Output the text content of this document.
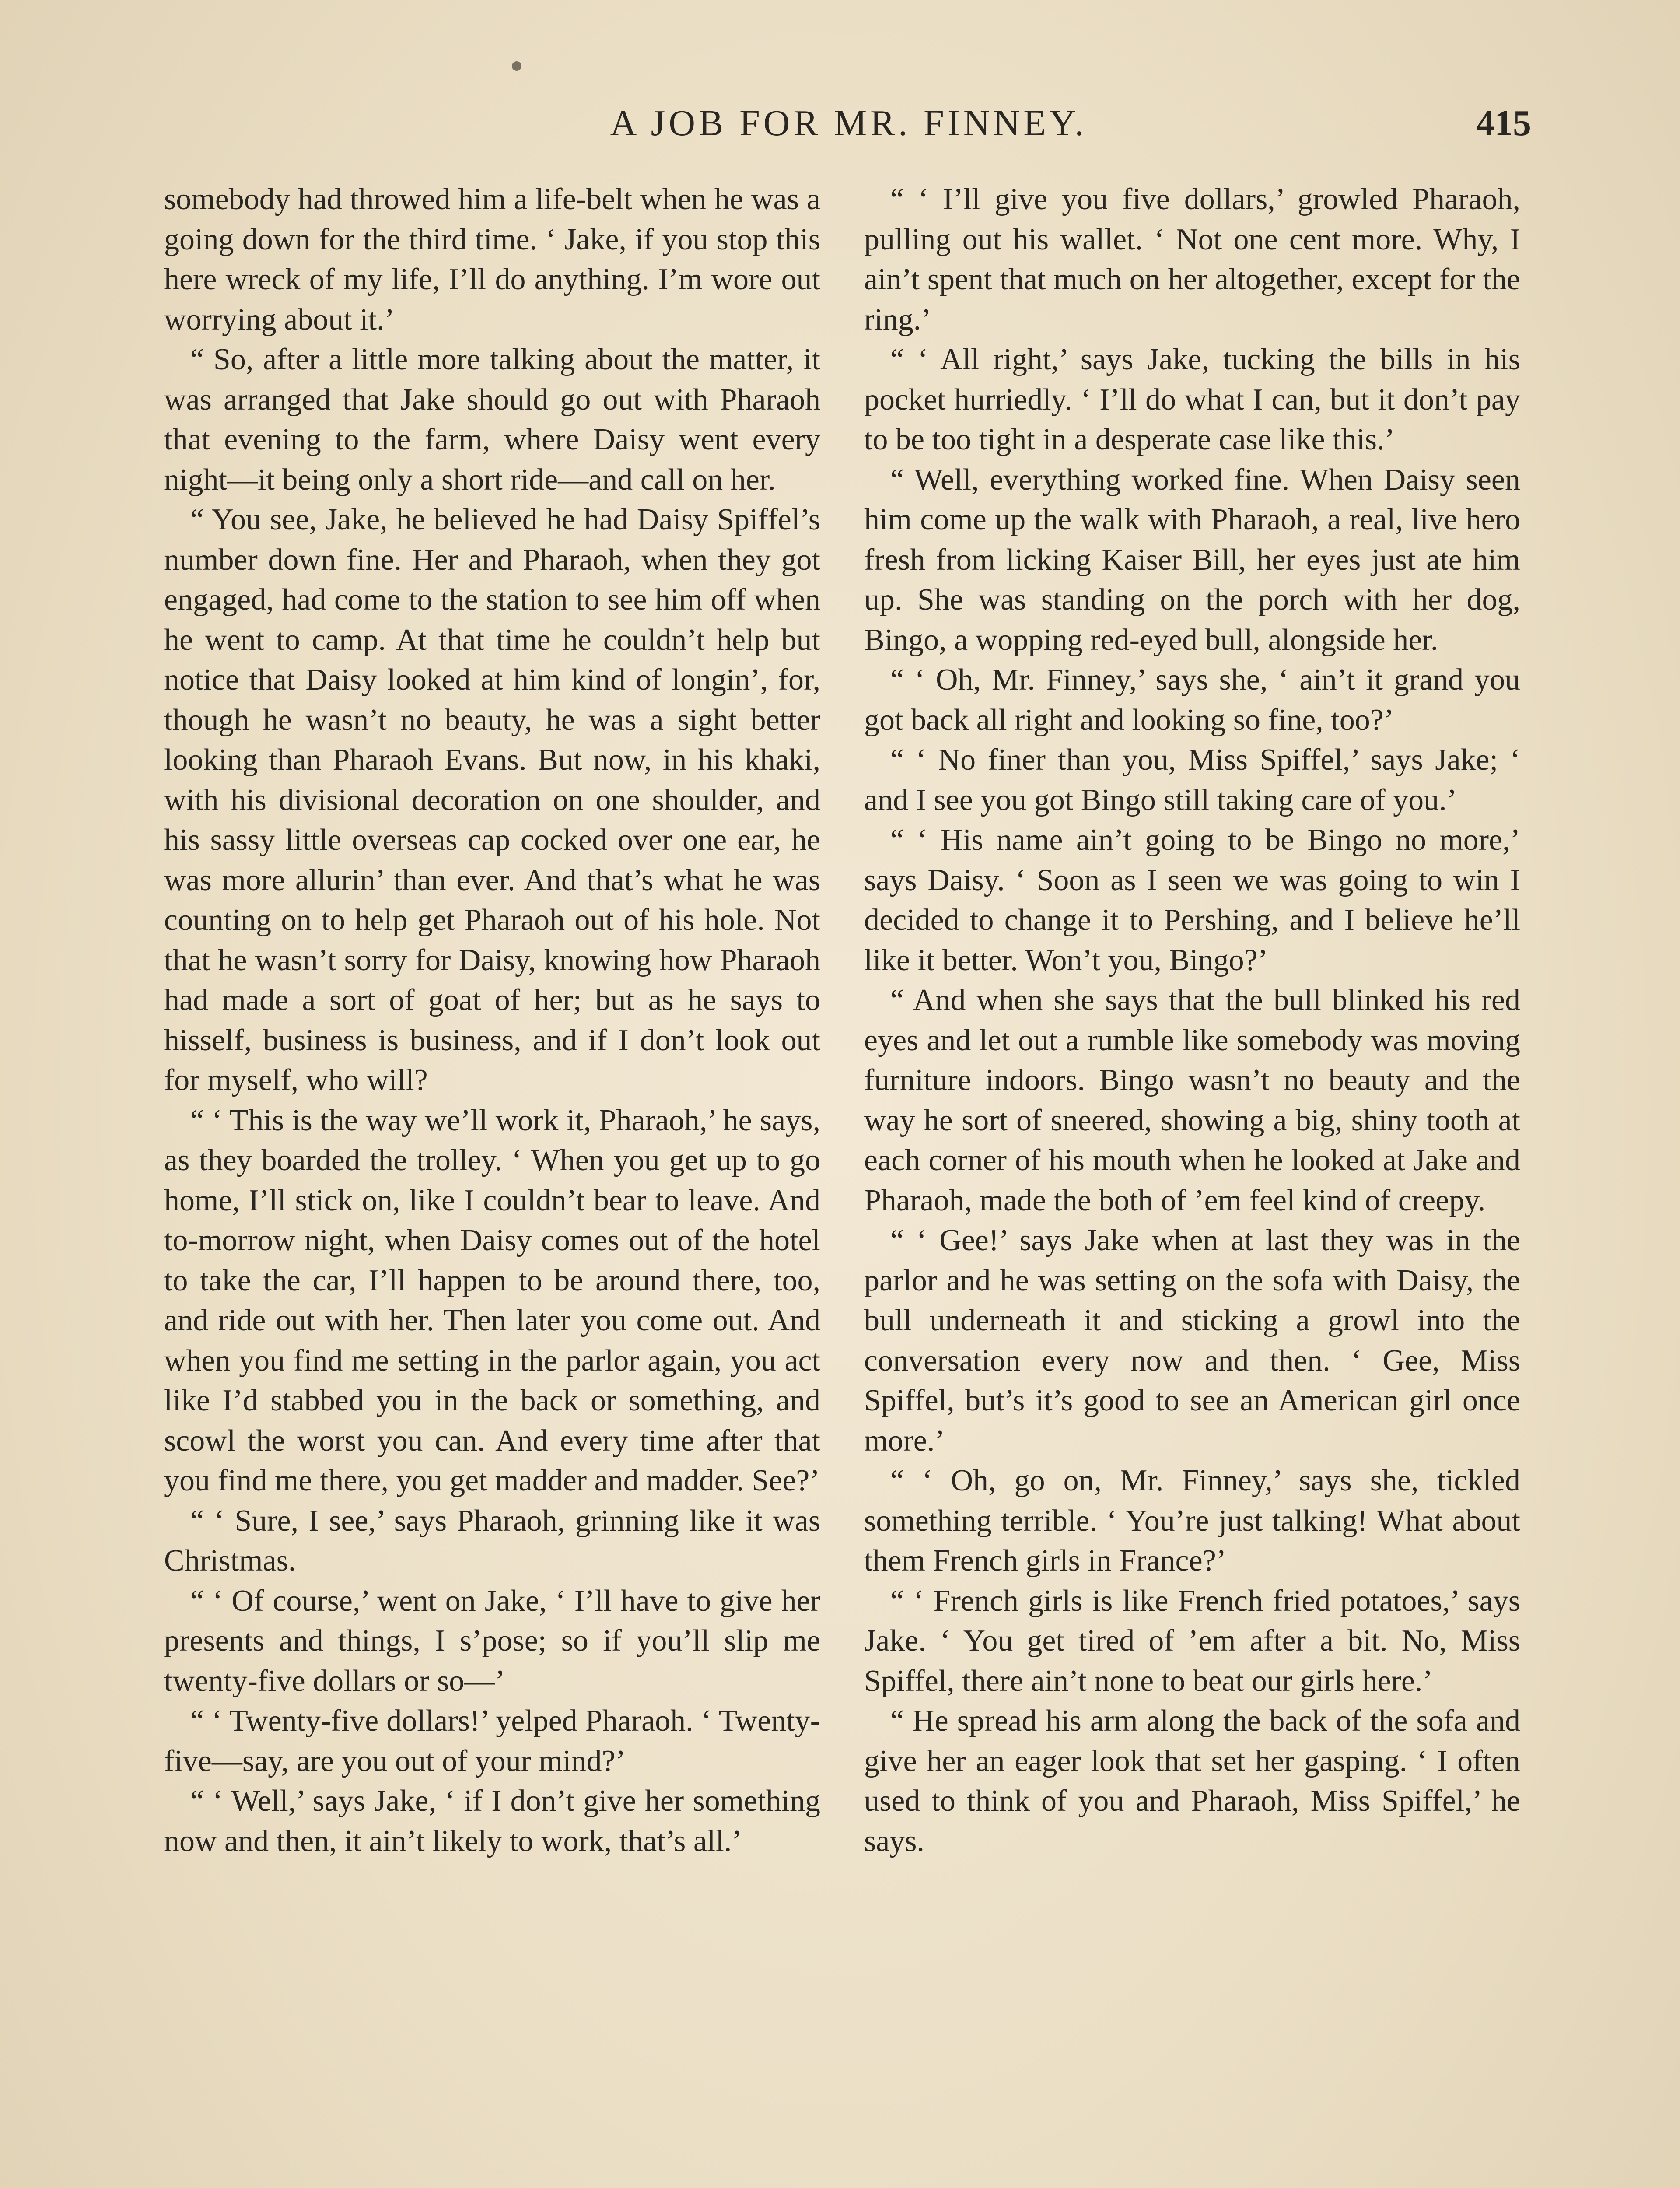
A JOB FOR MR. FINNEY.	415

somebody had throwed him a life-belt when he was a going down for the third time. ‘ Jake, if you stop this here wreck of my life, I’ll do anything. I’m wore out worrying about it.’

“ So, after a little more talking about the matter, it was arranged that Jake should go out with Pharaoh that evening to the farm, where Daisy went every night—it being only a short ride—and call on her.

“ You see, Jake, he believed he had Daisy Spiffel’s number down fine. Her and Pharaoh, when they got engaged, had come to the station to see him off when he went to camp. At that time he couldn’t help but notice that Daisy looked at him kind of longin’, for, though he wasn’t no beauty, he was a sight better looking than Pharaoh Evans. But now, in his khaki, with his divisional decoration on one shoulder, and his sassy little overseas cap cocked over one ear, he was more allurin’ than ever. And that’s what he was counting on to help get Pharaoh out of his hole. Not that he wasn’t sorry for Daisy, knowing how Pharaoh had made a sort of goat of her; but as he says to hisself, business is business, and if I don’t look out for myself, who will?

“ ‘ This is the way we’ll work it, Pharaoh,’ he says, as they boarded the trolley. ‘ When you get up to go home, I’ll stick on, like I couldn’t bear to leave. And to-morrow night, when Daisy comes out of the hotel to take the car, I’ll happen to be around there, too, and ride out with her. Then later you come out. And when you find me setting in the parlor again, you act like I’d stabbed you in the back or something, and scowl the worst you can. And every time after that you find me there, you get madder and madder. See?’

“ ‘ Sure, I see,’ says Pharaoh, grinning like it was Christmas.

“ ‘ Of course,’ went on Jake, ‘ I’ll have to give her presents and things, I s’pose; so if you’ll slip me twenty-five dollars or so—’

“ ‘ Twenty-five dollars!’ yelped Pharaoh. ‘ Twenty-five—say, are you out of your mind?’

“ ‘ Well,’ says Jake, ‘ if I don’t give her something now and then, it ain’t likely to work, that’s all.’

“ ‘ I’ll give you five dollars,’ growled Pharaoh, pulling out his wallet. ‘ Not one cent more. Why, I ain’t spent that much on her altogether, except for the ring.’

“ ‘ All right,’ says Jake, tucking the bills in his pocket hurriedly. ‘ I’ll do what I can, but it don’t pay to be too tight in a desperate case like this.’

“ Well, everything worked fine. When Daisy seen him come up the walk with Pharaoh, a real, live hero fresh from licking Kaiser Bill, her eyes just ate him up. She was standing on the porch with her dog, Bingo, a wopping red-eyed bull, alongside her.

“ ‘ Oh, Mr. Finney,’ says she, ‘ ain’t it grand you got back all right and looking so fine, too?’

“ ‘ No finer than you, Miss Spiffel,’ says Jake; ‘ and I see you got Bingo still taking care of you.’

“ ‘ His name ain’t going to be Bingo no more,’ says Daisy. ‘ Soon as I seen we was going to win I decided to change it to Pershing, and I believe he’ll like it better. Won’t you, Bingo?’

“ And when she says that the bull blinked his red eyes and let out a rumble like somebody was moving furniture indoors. Bingo wasn’t no beauty and the way he sort of sneered, showing a big, shiny tooth at each corner of his mouth when he looked at Jake and Pharaoh, made the both of ’em feel kind of creepy.

“ ‘ Gee!’ says Jake when at last they was in the parlor and he was setting on the sofa with Daisy, the bull underneath it and sticking a growl into the conversation every now and then. ‘ Gee, Miss Spiffel, but’s it’s good to see an American girl once more.’

“ ‘ Oh, go on, Mr. Finney,’ says she, tickled something terrible. ‘ You’re just talking! What about them French girls in France?’

“ ‘ French girls is like French fried potatoes,’ says Jake. ‘ You get tired of ’em after a bit. No, Miss Spiffel, there ain’t none to beat our girls here.’

“ He spread his arm along the back of the sofa and give her an eager look that set her gasping. ‘ I often used to think of you and Pharaoh, Miss Spiffel,’ he says.
